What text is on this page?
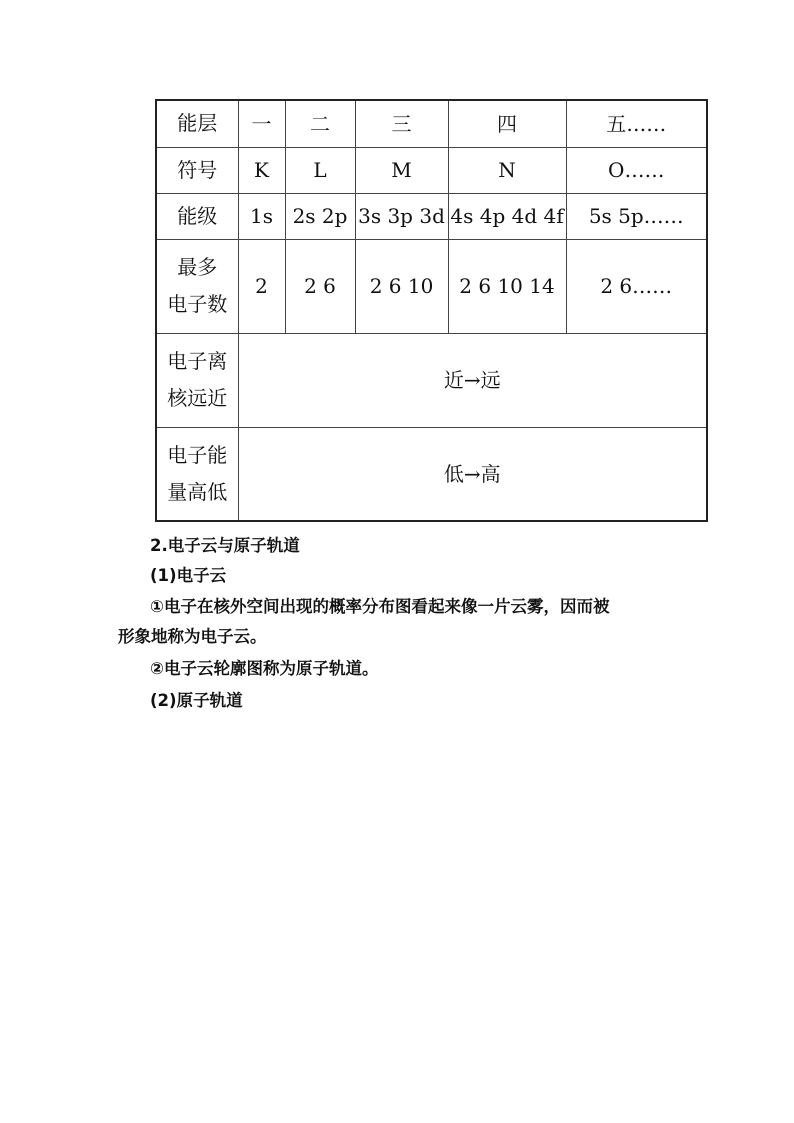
能层	一	二	三	四	五……
符号	K	L	M	N	O……
能级	1s	2s 2p	3s 3p 3d	4s 4p 4d 4f	5s 5p……

最多
电子数	2	2 6	2 6 10	2 6 10 14	2 6……

电子离
核远近	近→远				

电子能
量高低	低→高				
2.电子云与原子轨道
(1)电子云
①电子在核外空间出现的概率分布图看起来像一片云雾，因而被
形象地称为电子云。
②电子云轮廓图称为原子轨道。
(2)原子轨道
